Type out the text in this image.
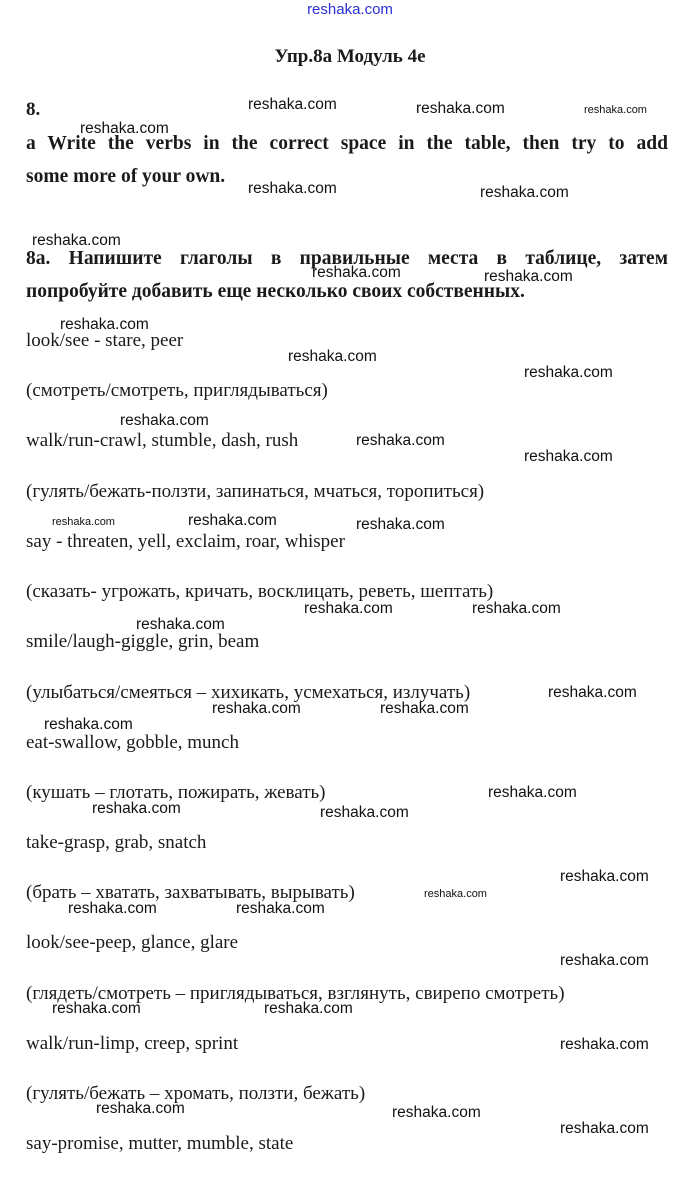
reshaka.com
Упр.8а Модуль 4е
8.
a Write the verbs in the correct space in the table, then try to add
some more of your own.
8a. Напишите глаголы в правильные места в таблице, затем
попробуйте добавить еще несколько своих собственных.
look/see - stare, peer
(смотреть/смотреть, приглядываться)
walk/run-crawl, stumble, dash, rush
(гулять/бежать-ползти, запинаться, мчаться, торопиться)
say - threaten, yell, exclaim, roar, whisper
(сказать- угрожать, кричать, восклицать, реветь, шептать)
smile/laugh-giggle, grin, beam
(улыбаться/смеяться – хихикать, усмехаться, излучать)
eat-swallow, gobble, munch
(кушать – глотать, пожирать, жевать)
take-grasp, grab, snatch
(брать – хватать, захватывать, вырывать)
look/see-peep, glance, glare
(глядеть/смотреть – приглядываться, взглянуть, свирепо смотреть)
walk/run-limp, creep, sprint
(гулять/бежать – хромать, ползти, бежать)
say-promise, mutter, mumble, state
reshaka.com	reshaka.com	reshaka.com
reshaka.com
reshaka.com	reshaka.com
reshaka.com
reshaka.com	reshaka.com
reshaka.com
reshaka.com
reshaka.com
reshaka.com
reshaka.com
reshaka.com
reshaka.com	reshaka.com	reshaka.com
reshaka.com	reshaka.com
reshaka.com
reshaka.com
reshaka.com	reshaka.com
reshaka.com
reshaka.com
reshaka.com	reshaka.com
reshaka.com
reshaka.com
reshaka.com	reshaka.com
reshaka.com
reshaka.com	reshaka.com
reshaka.com
reshaka.com	reshaka.com
reshaka.com
